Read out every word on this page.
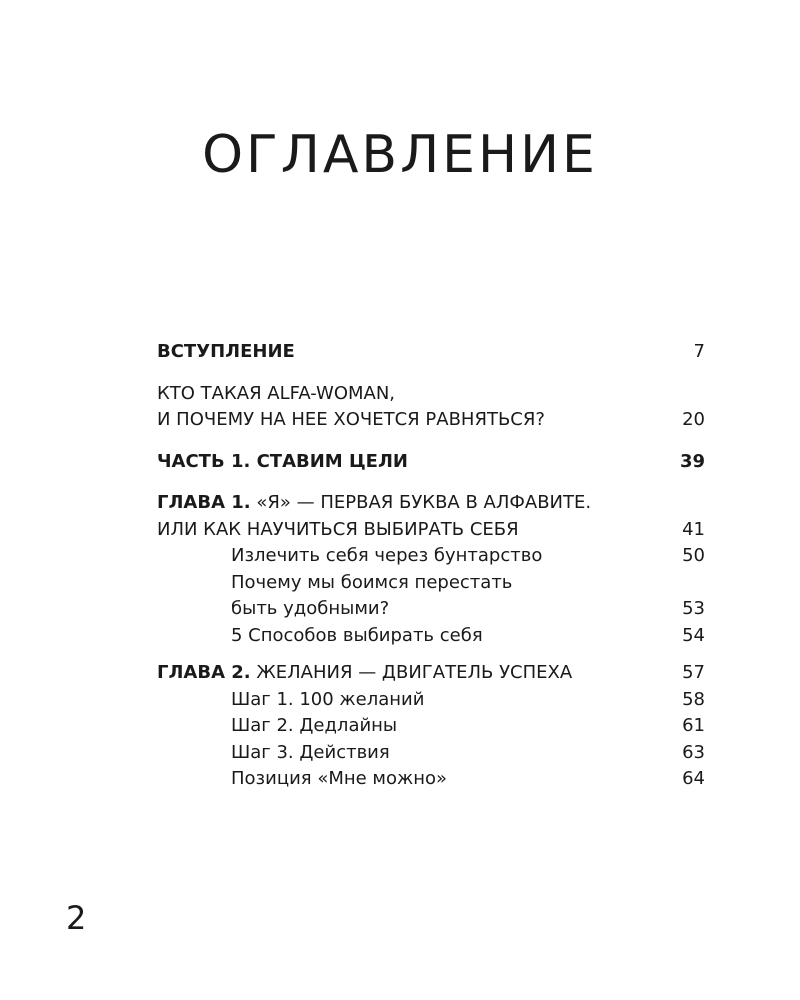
ОГЛАВЛЕНИЕ
ВСТУПЛЕНИЕ	7
КТО ТАКАЯ ALFA-WOMAN,
И ПОЧЕМУ НА НЕЕ ХОЧЕТСЯ РАВНЯТЬСЯ?	20
ЧАСТЬ 1. СТАВИМ ЦЕЛИ	39
ГЛАВА 1. «Я» — ПЕРВАЯ БУКВА В АЛФАВИТЕ.
ИЛИ КАК НАУЧИТЬСЯ ВЫБИРАТЬ СЕБЯ	41
Излечить себя через бунтарство	50
Почему мы боимся перестать
быть удобными?	53
5 Способов выбирать себя	54
ГЛАВА 2. ЖЕЛАНИЯ — ДВИГАТЕЛЬ УСПЕХА	57
Шаг 1. 100 желаний	58
Шаг 2. Дедлайны	61
Шаг 3. Действия	63
Позиция «Мне можно»	64
2
